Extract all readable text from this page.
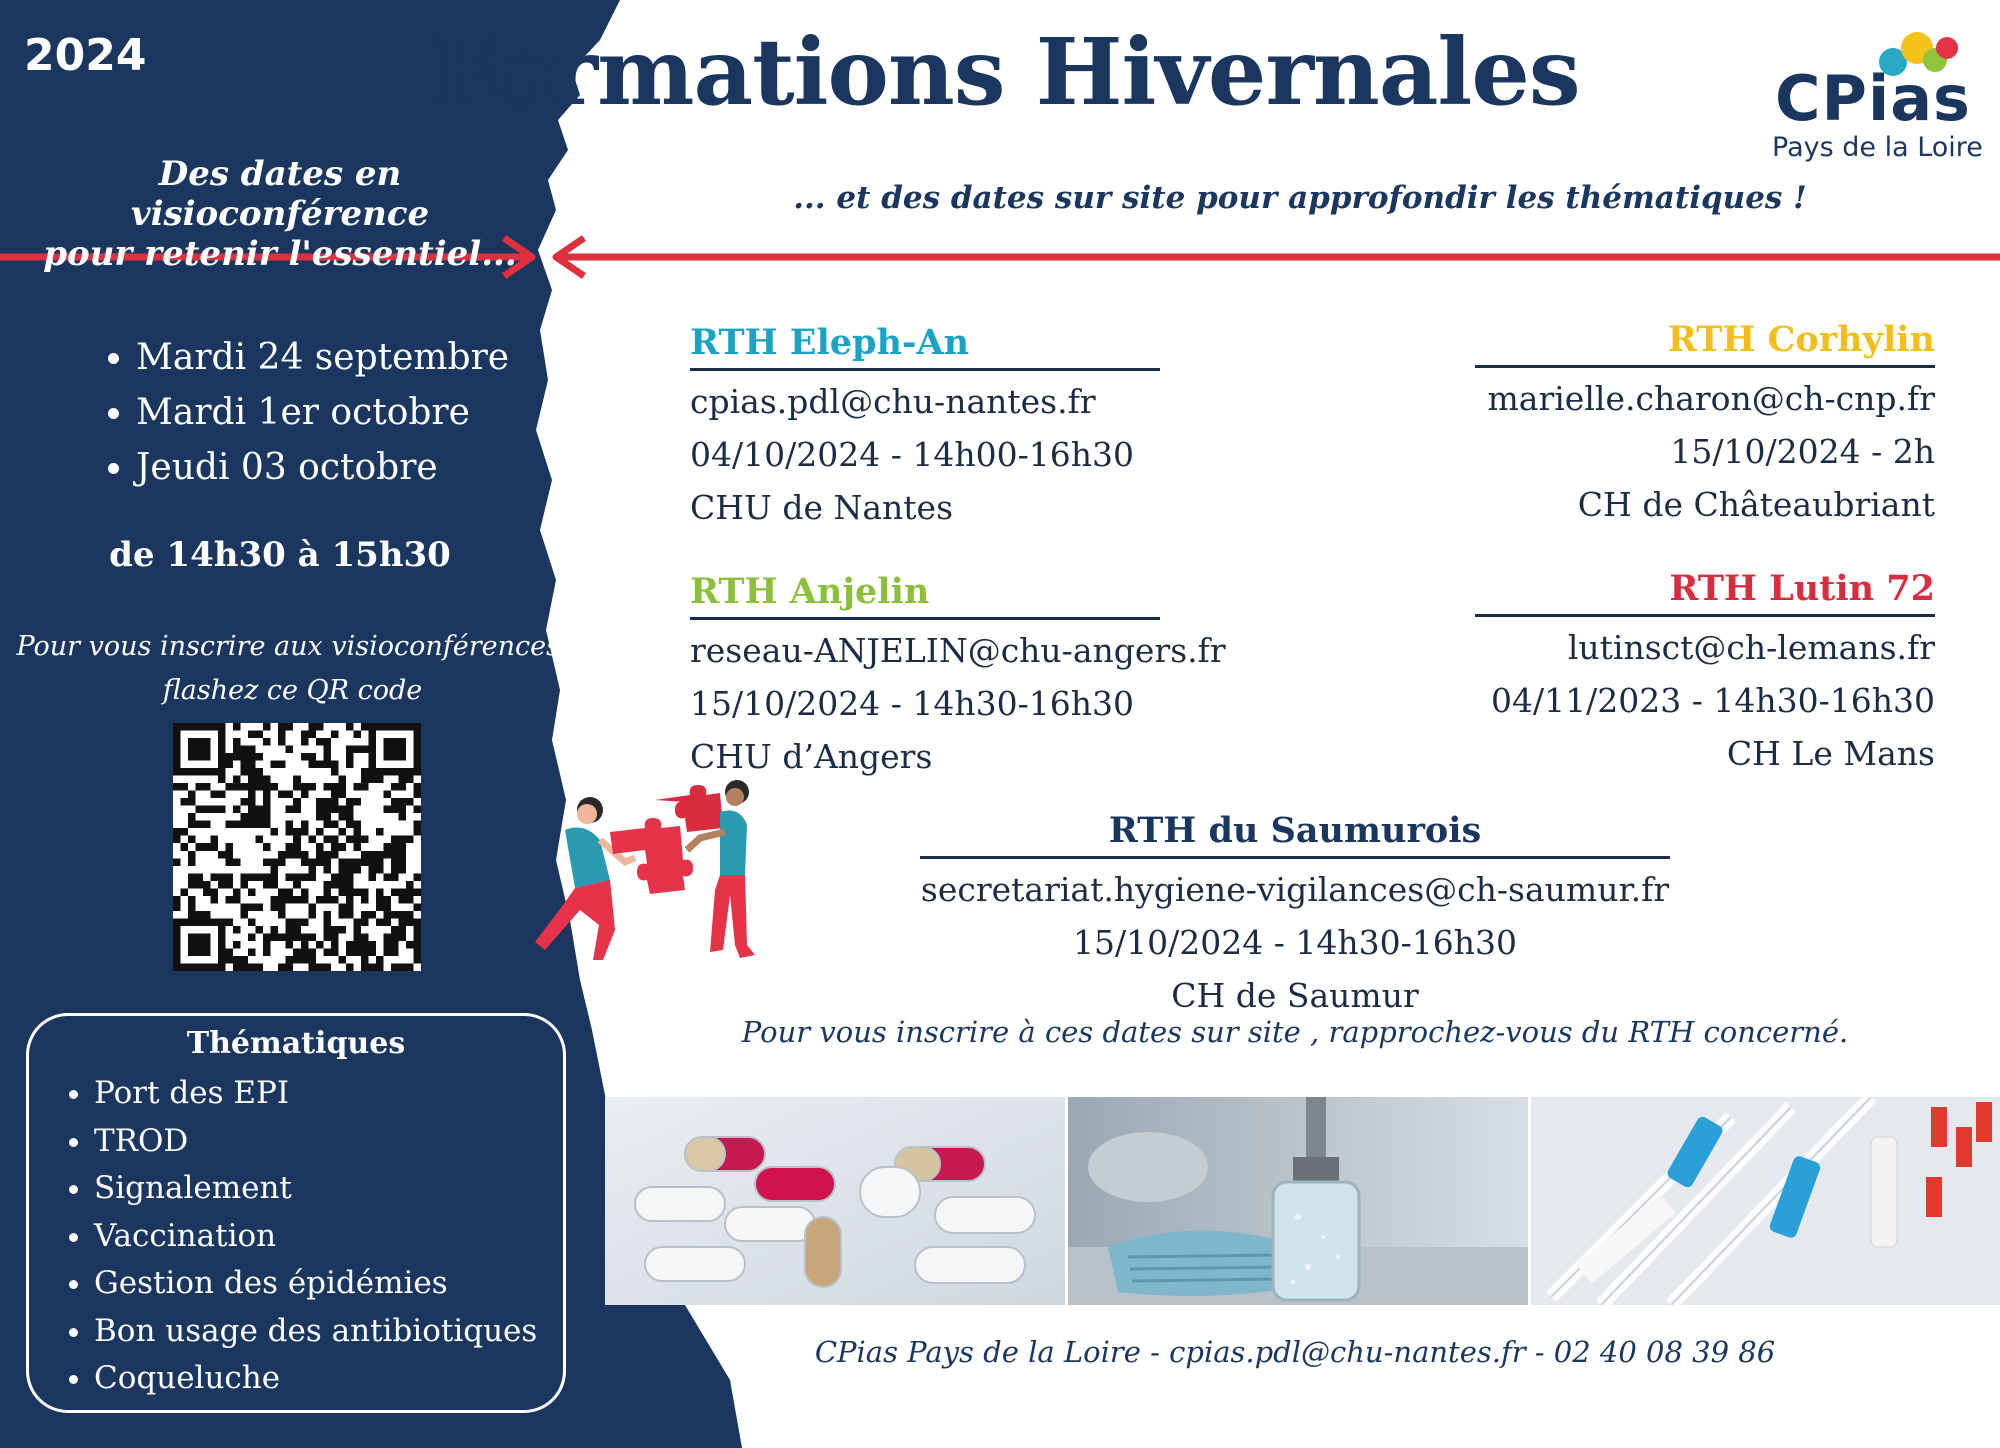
2024	Formations Hivernales
Des dates en visioconférence
pour retenir l'essentiel...
... et des dates sur site pour approfondir les thématiques !
CPias
Pays de la Loire
• Mardi 24 septembre
• Mardi 1er octobre
• Jeudi 03 octobre
de 14h30 à 15h30
Pour vous inscrire aux visioconférences,
flashez ce QR code
Thématiques
• Port des EPI
• TROD
• Signalement
• Vaccination
• Gestion des épidémies
• Bon usage des antibiotiques
• Coqueluche
RTH Eleph-An
cpias.pdl@chu-nantes.fr
04/10/2024 - 14h00-16h30
CHU de Nantes
RTH Corhylin
marielle.charon@ch-cnp.fr
15/10/2024 - 2h
CH de Châteaubriant
RTH Anjelin
reseau-ANJELIN@chu-angers.fr
15/10/2024 - 14h30-16h30
CHU d’Angers
RTH Lutin 72
lutinsct@ch-lemans.fr
04/11/2023 - 14h30-16h30
CH Le Mans
RTH du Saumurois
secretariat.hygiene-vigilances@ch-saumur.fr
15/10/2024 - 14h30-16h30
CH de Saumur
Pour vous inscrire à ces dates sur site , rapprochez-vous du RTH concerné.
CPias Pays de la Loire - cpias.pdl@chu-nantes.fr - 02 40 08 39 86
